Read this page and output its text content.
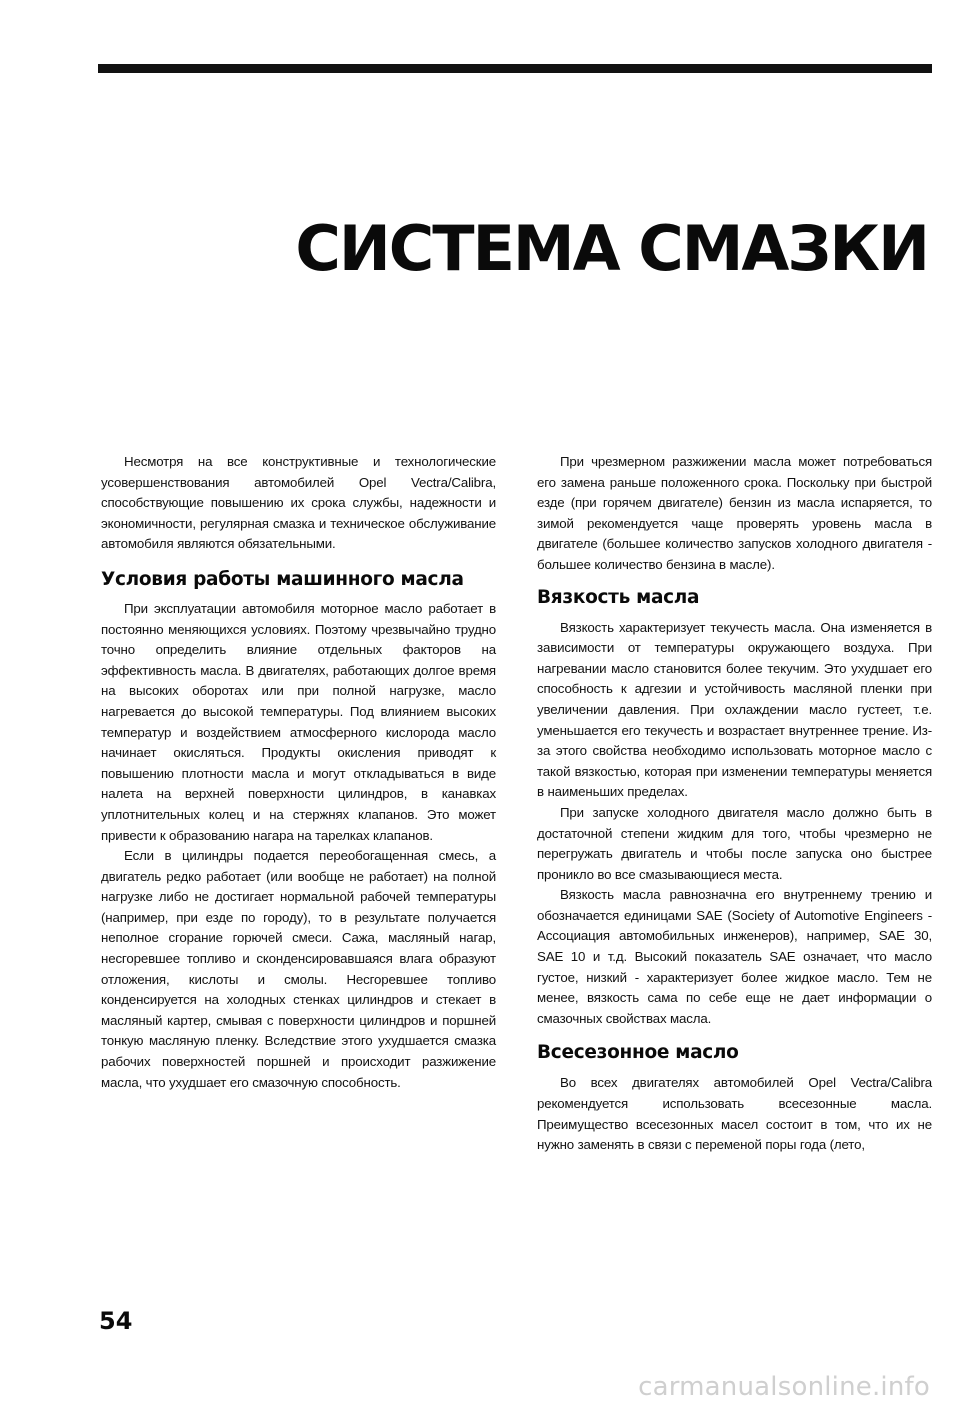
СИСТЕМА СМАЗКИ

Несмотря на все конструктивные и технологические усовершенствования автомобилей Opel Vectra/Calibra, способствующие повышению их срока службы, надежности и экономичности, регулярная смазка и техническое обслуживание автомобиля являются обязательными.

Условия работы машинного масла

При эксплуатации автомобиля моторное масло работает в постоянно меняющихся условиях. Поэтому чрезвычайно трудно точно определить влияние отдельных факторов на эффективность масла. В двигателях, работающих долгое время на высоких оборотах или при полной нагрузке, масло нагревается до высокой температуры. Под влиянием высоких температур и воздействием атмосферного кислорода масло начинает окисляться. Продукты окисления приводят к повышению плотности масла и могут откладываться в виде налета на верхней поверхности цилиндров, в канавках уплотнительных колец и на стержнях клапанов. Это может привести к образованию нагара на тарелках клапанов.

Если в цилиндры подается переобогащенная смесь, а двигатель редко работает (или вообще не работает) на полной нагрузке либо не достигает нормальной рабочей температуры (например, при езде по городу), то в результате получается неполное сгорание горючей смеси. Сажа, масляный нагар, несгоревшее топливо и сконденсировавшаяся влага образуют отложения, кислоты и смолы. Несгоревшее топливо конденсируется на холодных стенках цилиндров и стекает в масляный картер, смывая с поверхности цилиндров и поршней тонкую масляную пленку. Вследствие этого ухудшается смазка рабочих поверхностей поршней и происходит разжижение масла, что ухудшает его смазочную способность.

При чрезмерном разжижении масла может потребоваться его замена раньше положенного срока. Поскольку при быстрой езде (при горячем двигателе) бензин из масла испаряется, то зимой рекомендуется чаще проверять уровень масла в двигателе (большее количество запусков холодного двигателя - большее количество бензина в масле).

Вязкость масла

Вязкость характеризует текучесть масла. Она изменяется в зависимости от температуры окружающего воздуха. При нагревании масло становится более текучим. Это ухудшает его способность к адгезии и устойчивость масляной пленки при увеличении давления. При охлаждении масло густеет, т.е. уменьшается его текучесть и возрастает внутреннее трение. Из-за этого свойства необходимо использовать моторное масло с такой вязкостью, которая при изменении температуры меняется в наименьших пределах.

При запуске холодного двигателя масло должно быть в достаточной степени жидким для того, чтобы чрезмерно не перегружать двигатель и чтобы после запуска оно быстрее проникло во все смазывающиеся места.

Вязкость масла равнозначна его внутреннему трению и обозначается единицами SAE (Society of Automotive Engineers - Ассоциация автомобильных инженеров), например, SAE 30, SAE 10 и т.д. Высокий показатель SAE означает, что масло густое, низкий - характеризует более жидкое масло. Тем не менее, вязкость сама по себе еще не дает информации о смазочных свойствах масла.

Всесезонное масло

Во всех двигателях автомобилей Opel Vectra/Calibra рекомендуется использовать всесезонные масла. Преимущество всесезонных масел состоит в том, что их не нужно заменять в связи с переменой поры года (лето,

54
carmanualsonline.info
